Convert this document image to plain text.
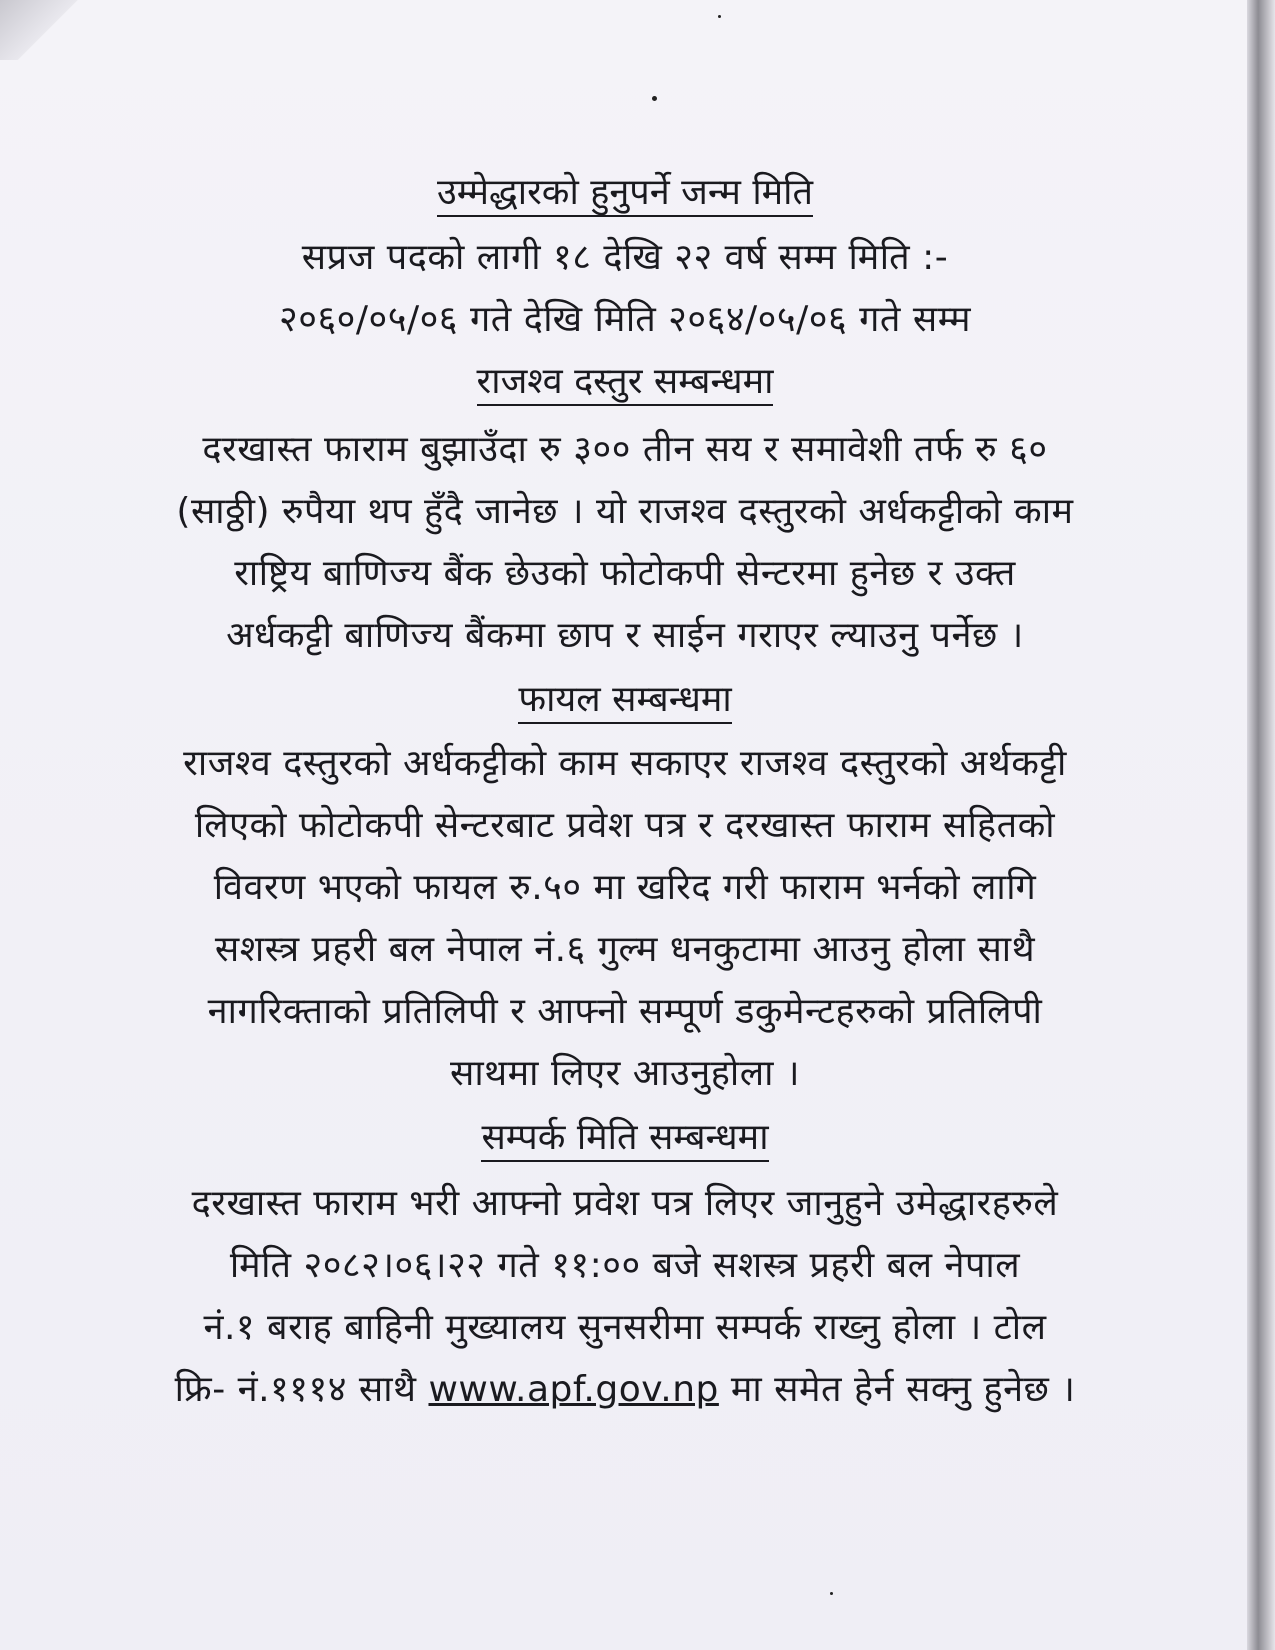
उम्मेद्धारको हुनुपर्ने जन्म मिति
सप्रज पदको लागी १८ देखि २२ वर्ष सम्म मिति :-
२०६०/०५/०६ गते देखि मिति २०६४/०५/०६ गते सम्म
राजश्व दस्तुर सम्बन्धमा
दरखास्त फाराम बुझाउँदा रु ३०० तीन सय र समावेशी तर्फ रु ६०
(साठ्ठी) रुपैया थप हुँदै जानेछ । यो राजश्व दस्तुरको अर्धकट्टीको काम
राष्ट्रिय बाणिज्य बैंक छेउको फोटोकपी सेन्टरमा हुनेछ र उक्त
अर्धकट्टी बाणिज्य बैंकमा छाप र साईन गराएर ल्याउनु पर्नेछ ।
फायल सम्बन्धमा
राजश्व दस्तुरको अर्धकट्टीको काम सकाएर राजश्व दस्तुरको अर्थकट्टी
लिएको फोटोकपी सेन्टरबाट प्रवेश पत्र र दरखास्त फाराम सहितको
विवरण भएको फायल रु.५० मा खरिद गरी फाराम भर्नको लागि
सशस्त्र प्रहरी बल नेपाल नं.६ गुल्म धनकुटामा आउनु होला साथै
नागरिक्ताको प्रतिलिपी र आफ्नो सम्पूर्ण डकुमेन्टहरुको प्रतिलिपी
साथमा लिएर आउनुहोला ।
सम्पर्क मिति सम्बन्धमा
दरखास्त फाराम भरी आफ्नो प्रवेश पत्र लिएर जानुहुने उमेद्धारहरुले
मिति २०८२।०६।२२ गते ११:०० बजे सशस्त्र प्रहरी बल नेपाल
नं.१ बराह बाहिनी मुख्यालय सुनसरीमा सम्पर्क राख्नु होला । टोल
फ्रि- नं.१११४ साथै www.apf.gov.np मा समेत हेर्न सक्नु हुनेछ ।
